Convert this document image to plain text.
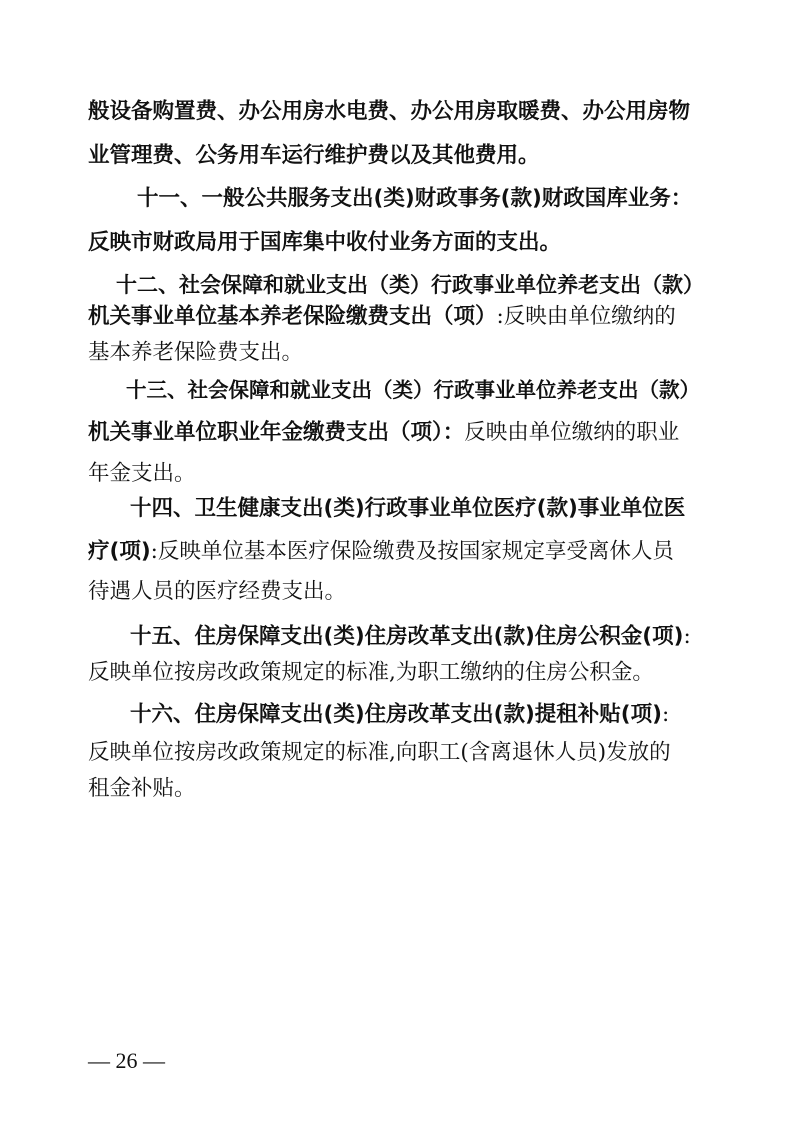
般设备购置费、办公用房水电费、办公用房取暖费、办公用房物
业管理费、公务用车运行维护费以及其他费用。
十一、一般公共服务支出(类)财政事务(款)财政国库业务：
反映市财政局用于国库集中收付业务方面的支出。
十二、社会保障和就业支出（类）行政事业单位养老支出（款）
机关事业单位基本养老保险缴费支出（项）:反映由单位缴纳的
基本养老保险费支出。
十三、社会保障和就业支出（类）行政事业单位养老支出（款）
机关事业单位职业年金缴费支出（项）：反映由单位缴纳的职业
年金支出。
十四、卫生健康支出(类)行政事业单位医疗(款)事业单位医
疗(项):反映单位基本医疗保险缴费及按国家规定享受离休人员
待遇人员的医疗经费支出。
十五、住房保障支出(类)住房改革支出(款)住房公积金(项):
反映单位按房改政策规定的标准,为职工缴纳的住房公积金。
十六、住房保障支出(类)住房改革支出(款)提租补贴(项):
反映单位按房改政策规定的标准,向职工(含离退休人员)发放的
租金补贴。
— 26 —
